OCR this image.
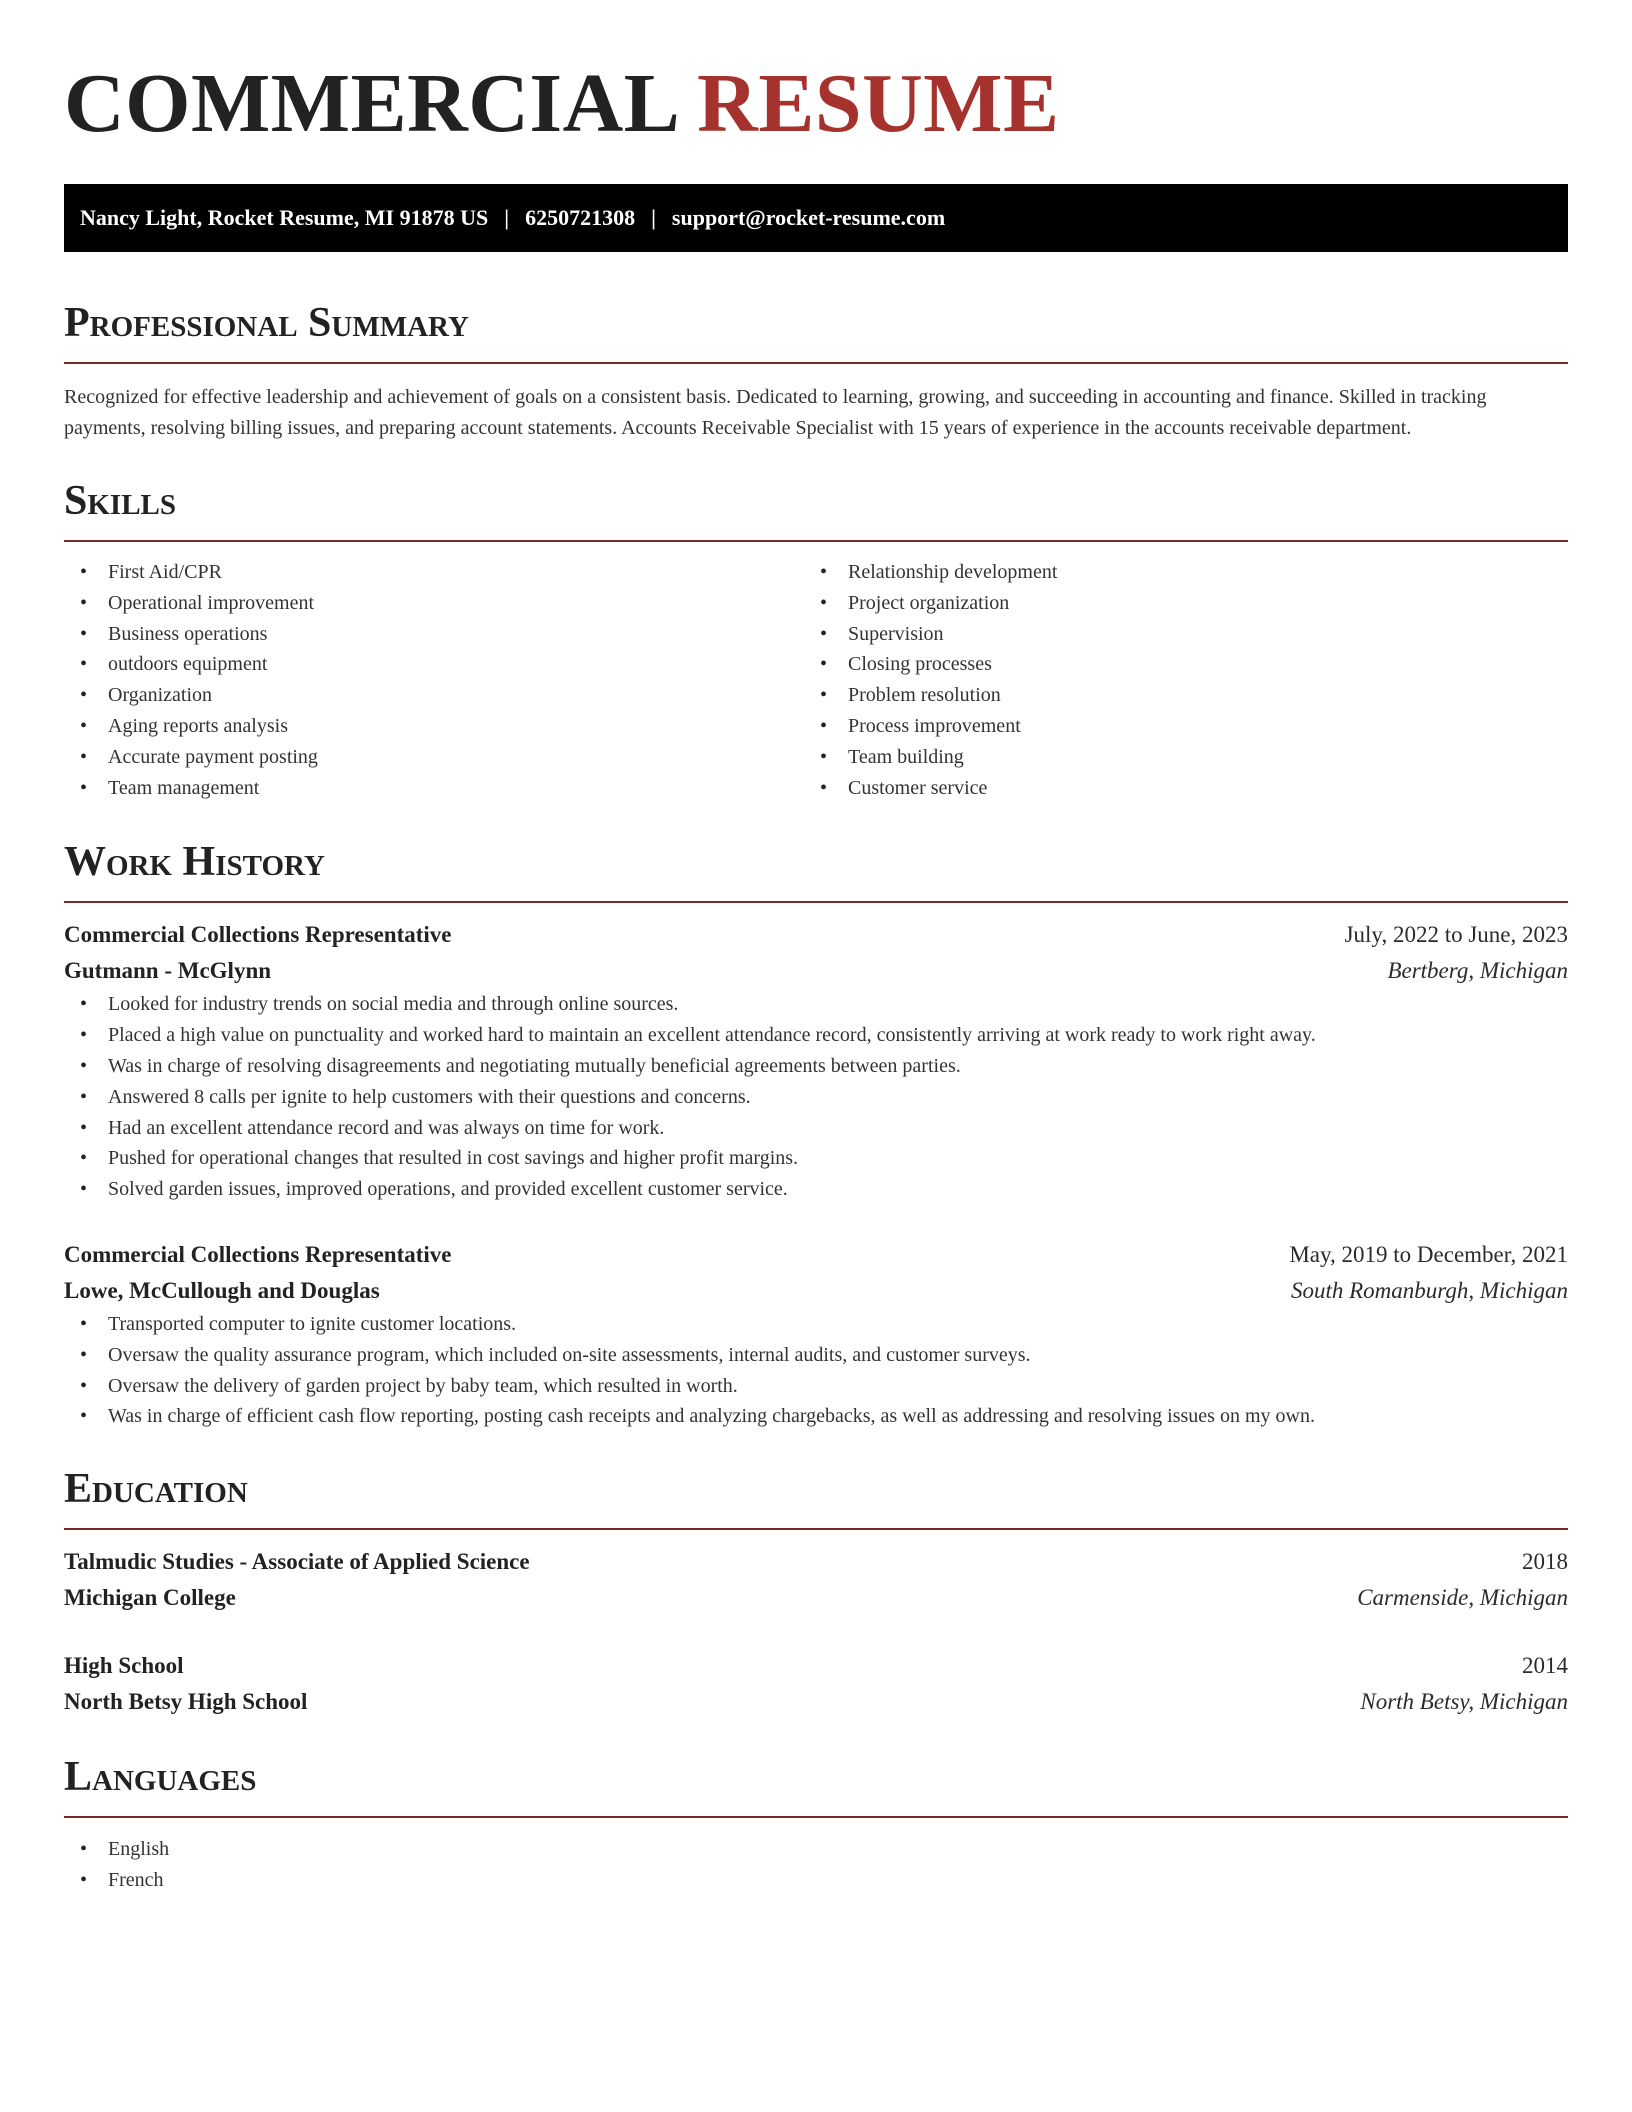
COMMERCIAL RESUME
Nancy Light, Rocket Resume, MI 91878 US | 6250721308 | support@rocket-resume.com
Professional Summary

Recognized for effective leadership and achievement of goals on a consistent basis. Dedicated to learning, growing, and succeeding in accounting and finance. Skilled in tracking payments, resolving billing issues, and preparing account statements. Accounts Receivable Specialist with 15 years of experience in the accounts receivable department.

Skills
• First Aid/CPR
• Operational improvement
• Business operations
• outdoors equipment
• Organization
• Aging reports analysis
• Accurate payment posting
• Team management
• Relationship development
• Project organization
• Supervision
• Closing processes
• Problem resolution
• Process improvement
• Team building
• Customer service
Work History
Commercial Collections Representative	July, 2022 to June, 2023
Gutmann - McGlynn	Bertberg, Michigan
• Looked for industry trends on social media and through online sources.
• Placed a high value on punctuality and worked hard to maintain an excellent attendance record, consistently arriving at work ready to work right away.
• Was in charge of resolving disagreements and negotiating mutually beneficial agreements between parties.
• Answered 8 calls per ignite to help customers with their questions and concerns.
• Had an excellent attendance record and was always on time for work.
• Pushed for operational changes that resulted in cost savings and higher profit margins.
• Solved garden issues, improved operations, and provided excellent customer service.
Commercial Collections Representative	May, 2019 to December, 2021
Lowe, McCullough and Douglas	South Romanburgh, Michigan
• Transported computer to ignite customer locations.
• Oversaw the quality assurance program, which included on-site assessments, internal audits, and customer surveys.
• Oversaw the delivery of garden project by baby team, which resulted in worth.
• Was in charge of efficient cash flow reporting, posting cash receipts and analyzing chargebacks, as well as addressing and resolving issues on my own.
Education
Talmudic Studies - Associate of Applied Science	2018
Michigan College	Carmenside, Michigan
High School	2014
North Betsy High School	North Betsy, Michigan
Languages
• English
• French
